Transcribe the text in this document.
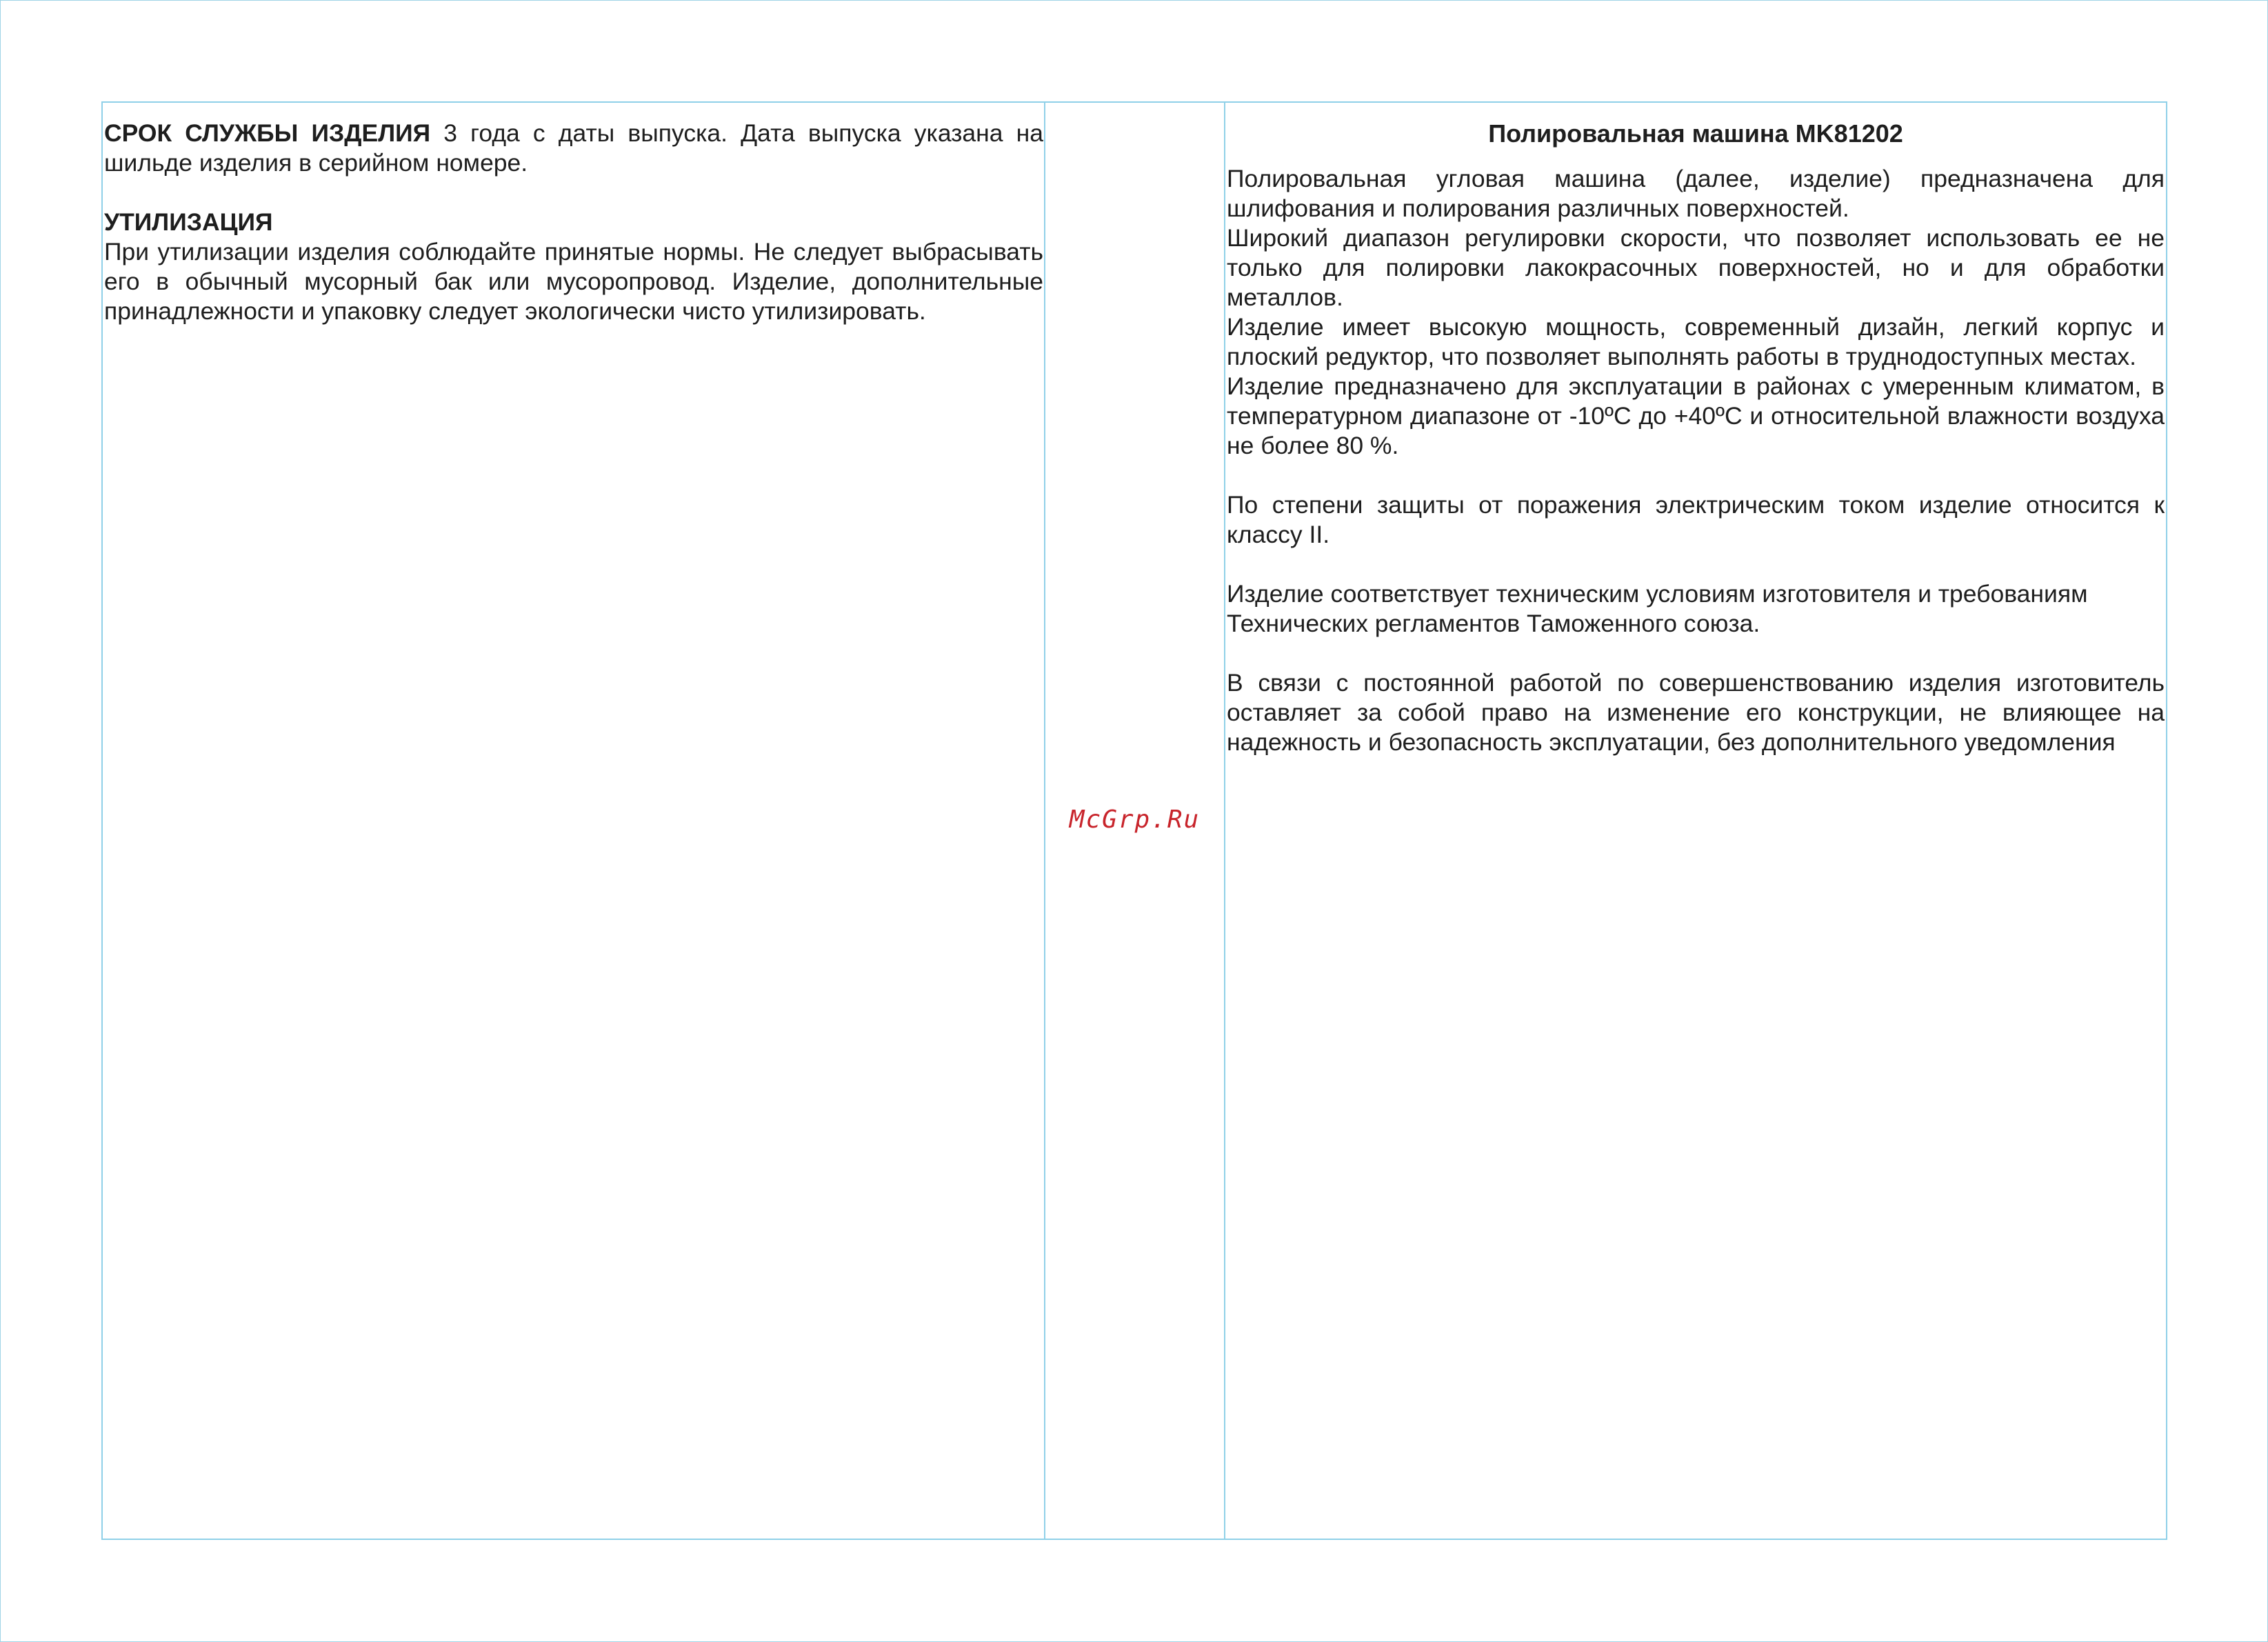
СРОК СЛУЖБЫ ИЗДЕЛИЯ 3 года с даты выпуска. Дата выпуска указана на шильде изделия в серийном номере.

УТИЛИЗАЦИЯ

При утилизации изделия соблюдайте принятые нормы. Не следует выбрасывать его в обычный мусорный бак или мусоропровод. Изделие, дополнительные принадлежности и упаковку следует экологически чисто утилизировать.

McGrp.Ru

Полировальная машина MK81202

Полировальная угловая машина (далее, изделие) предназначена для шлифования и полирования различных поверхностей.

Широкий диапазон регулировки скорости, что позволяет использовать ее не только для полировки лакокрасочных поверхностей, но и для обработки металлов.

Изделие имеет высокую мощность, современный дизайн, легкий корпус и плоский редуктор, что позволяет выполнять работы в труднодоступных местах.

Изделие предназначено для эксплуатации в районах с умеренным климатом, в температурном диапазоне от -10ºС до +40ºС и относительной влажности воздуха не более 80 %.

По степени защиты от поражения электрическим током изделие относится к классу II.

Изделие соответствует техническим условиям изготовителя и требованиям Технических регламентов Таможенного союза.

В связи с постоянной работой по совершенствованию изделия изготовитель оставляет за собой право на изменение его конструкции, не влияющее на надежность и безопасность эксплуатации, без дополнительного уведомления
